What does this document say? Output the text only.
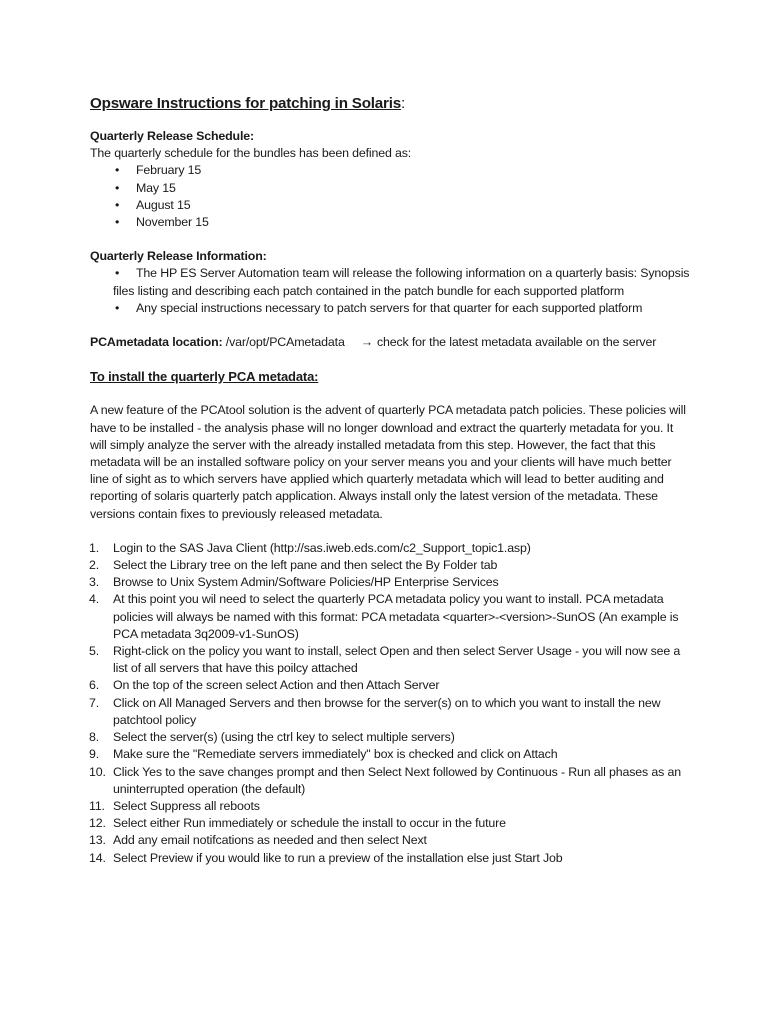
Opsware Instructions for patching in Solaris:

Quarterly Release Schedule:

The quarterly schedule for the bundles has been defined as:

• February 15
• May 15
• August 15
• November 15

Quarterly Release Information:

•	The HP ES Server Automation team will release the following information on a quarterly basis: Synopsis files listing and describing each patch contained in the patch bundle for each supported platform
•	Any special instructions necessary to patch servers for that quarter for each supported platform

PCAmetadata location: /var/opt/PCAmetadata → check for the latest metadata available on the server

To install the quarterly PCA metadata:

A new feature of the PCAtool solution is the advent of quarterly PCA metadata patch policies. These policies will have to be installed - the analysis phase will no longer download and extract the quarterly metadata for you. It will simply analyze the server with the already installed metadata from this step. However, the fact that this metadata will be an installed software policy on your server means you and your clients will have much better line of sight as to which servers have applied which quarterly metadata which will lead to better auditing and reporting of solaris quarterly patch application. Always install only the latest version of the metadata. These versions contain fixes to previously released metadata.

1. Login to the SAS Java Client (http://sas.iweb.eds.com/c2_Support_topic1.asp)
2. Select the Library tree on the left pane and then select the By Folder tab
3. Browse to Unix System Admin/Software Policies/HP Enterprise Services
4. At this point you wil need to select the quarterly PCA metadata policy you want to install. PCA metadata policies will always be named with this format: PCA metadata <quarter>-<version>-SunOS (An example is PCA metadata 3q2009-v1-SunOS)
5. Right-click on the policy you want to install, select Open and then select Server Usage - you will now see a list of all servers that have this poilcy attached
6. On the top of the screen select Action and then Attach Server
7. Click on All Managed Servers and then browse for the server(s) on to which you want to install the new patchtool policy
8. Select the server(s) (using the ctrl key to select multiple servers)
9. Make sure the "Remediate servers immediately" box is checked and click on Attach
10. Click Yes to the save changes prompt and then Select Next followed by Continuous - Run all phases as an uninterrupted operation (the default)
11. Select Suppress all reboots
12. Select either Run immediately or schedule the install to occur in the future
13. Add any email notifcations as needed and then select Next
14. Select Preview if you would like to run a preview of the installation else just Start Job
